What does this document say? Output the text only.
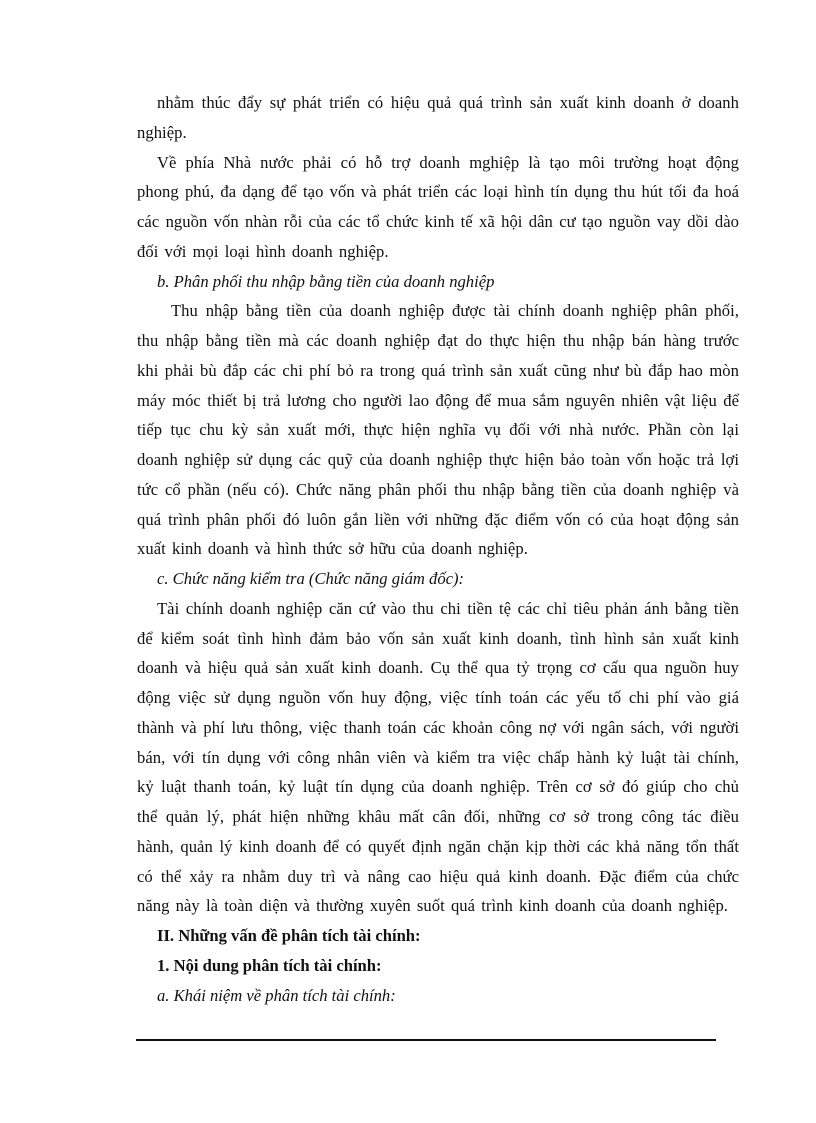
nhằm thúc đẩy sự phát triển có hiệu quả quá trình sản xuất kinh doanh ở doanh nghiệp.

Về phía Nhà nước phải có hỗ trợ doanh mghiệp là tạo môi trường hoạt động phong phú, đa dạng để tạo vốn và phát triển các loại hình tín dụng thu hút tối đa hoá các nguồn vốn nhàn rỗi của các tổ chức kinh tế xã hội dân cư tạo nguồn vay dồi dào đối với mọi loại hình doanh nghiệp.

b. Phân phối thu nhập bằng tiền của doanh nghiệp

Thu nhập bằng tiền của doanh nghiệp được tài chính doanh nghiệp phân phối, thu nhập bằng tiền mà các doanh nghiệp đạt do thực hiện thu nhập bán hàng trước khi phải bù đắp các chi phí bỏ ra trong quá trình sản xuất cũng như bù đắp hao mòn máy móc thiết bị trả lương cho người lao động để mua sắm nguyên nhiên vật liệu để tiếp tục chu kỳ sản xuất mới, thực hiện nghĩa vụ đối với nhà nước. Phần còn lại doanh nghiệp sử dụng các quỹ của doanh nghiệp thực hiện bảo toàn vốn hoặc trả lợi tức cổ phần (nếu có). Chức năng phân phối thu nhập bằng tiền của doanh nghiệp và quá trình phân phối đó luôn gắn liền với những đặc điểm vốn có của hoạt động sản xuất kinh doanh và hình thức sở hữu của doanh nghiệp.

c. Chức năng kiểm tra (Chức năng giám đốc):

Tài chính doanh nghiệp căn cứ vào thu chi tiền tệ các chỉ tiêu phản ánh bằng tiền để kiểm soát tình hình đảm bảo vốn sản xuất kinh doanh, tình hình sản xuất kinh doanh và hiệu quả sản xuất kinh doanh. Cụ thể qua tỷ trọng cơ cấu qua nguồn huy động việc sử dụng nguồn vốn huy động, việc tính toán các yếu tố chi phí vào giá thành và phí lưu thông, việc thanh toán các khoản công nợ với ngân sách, với người bán, với tín dụng với công nhân viên và kiểm tra việc chấp hành kỷ luật tài chính, kỷ luật thanh toán, kỷ luật tín dụng của doanh nghiệp. Trên cơ sở đó giúp cho chủ thể quản lý, phát hiện những khâu mất cân đối, những cơ sở trong công tác điều hành, quản lý kinh doanh để có quyết định ngăn chặn kịp thời các khả năng tổn thất có thể xảy ra nhằm duy trì và nâng cao hiệu quả kinh doanh. Đặc điểm của chức năng này là toàn diện và thường xuyên suốt quá trình kinh doanh của doanh nghiệp.

II. Những vấn đề phân tích tài chính:

1. Nội dung phân tích tài chính:

a. Khái niệm về phân tích tài chính:
